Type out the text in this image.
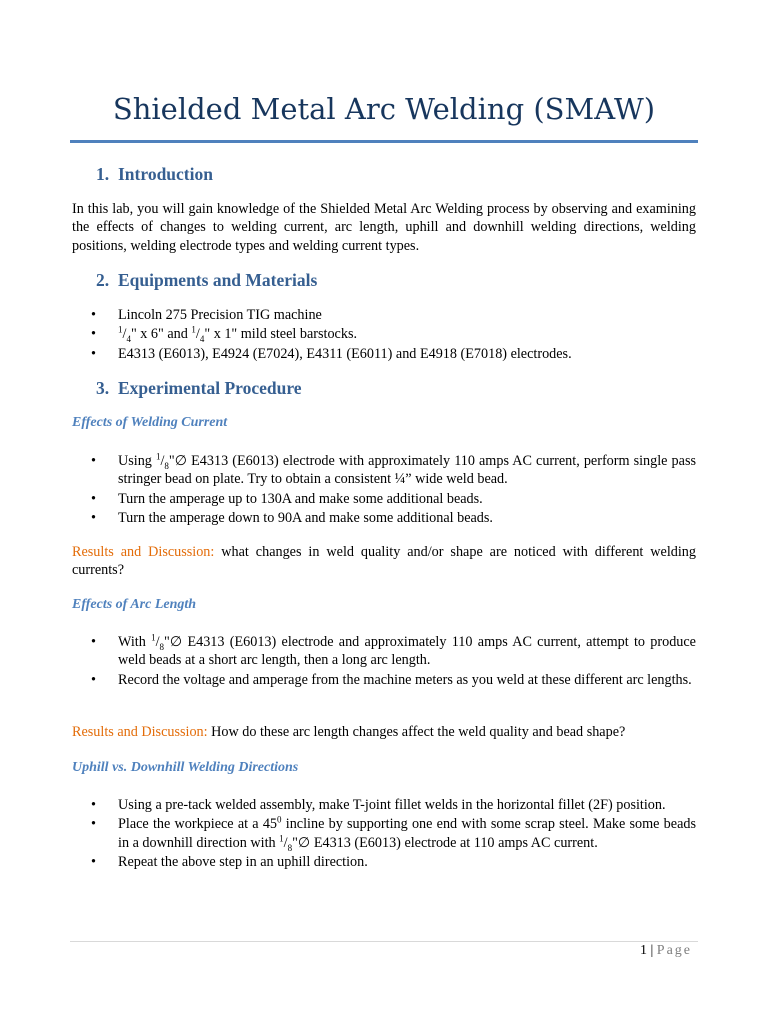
Shielded Metal Arc Welding (SMAW)
1. Introduction

In this lab, you will gain knowledge of the Shielded Metal Arc Welding process by observing and examining the effects of changes to welding current, arc length, uphill and downhill welding directions, welding positions, welding electrode types and welding current types.

2. Equipments and Materials
• Lincoln 275 Precision TIG machine
• $^1/_4$" x 6" and $^1/_4$" x 1" mild steel barstocks.
• E4313 (E6013), E4924 (E7024), E4311 (E6011) and E4918 (E7018) electrodes.
3. Experimental Procedure
Effects of Welding Current
• Using $^1/_8"\emptyset$ E4313 (E6013) electrode with approximately 110 amps AC current, perform single pass stringer bead on plate. Try to obtain a consistent ¼” wide weld bead.
• Turn the amperage up to 130A and make some additional beads.
• Turn the amperage down to 90A and make some additional beads.

Results and Discussion: what changes in weld quality and/or shape are noticed with different welding currents?

Effects of Arc Length
• With $^1/_8"\emptyset$ E4313 (E6013) electrode and approximately 110 amps AC current, attempt to produce weld beads at a short arc length, then a long arc length.
• Record the voltage and amperage from the machine meters as you weld at these different arc lengths.

Results and Discussion: How do these arc length changes affect the weld quality and bead shape?

Uphill vs. Downhill Welding Directions
• Using a pre-tack welded assembly, make T-joint fillet welds in the horizontal fillet (2F) position.
• Place the workpiece at a $45^0$ incline by supporting one end with some scrap steel. Make some beads in a downhill direction with $^1/_8"\emptyset$ E4313 (E6013) electrode at 110 amps AC current.
• Repeat the above step in an uphill direction.
1 | Page
